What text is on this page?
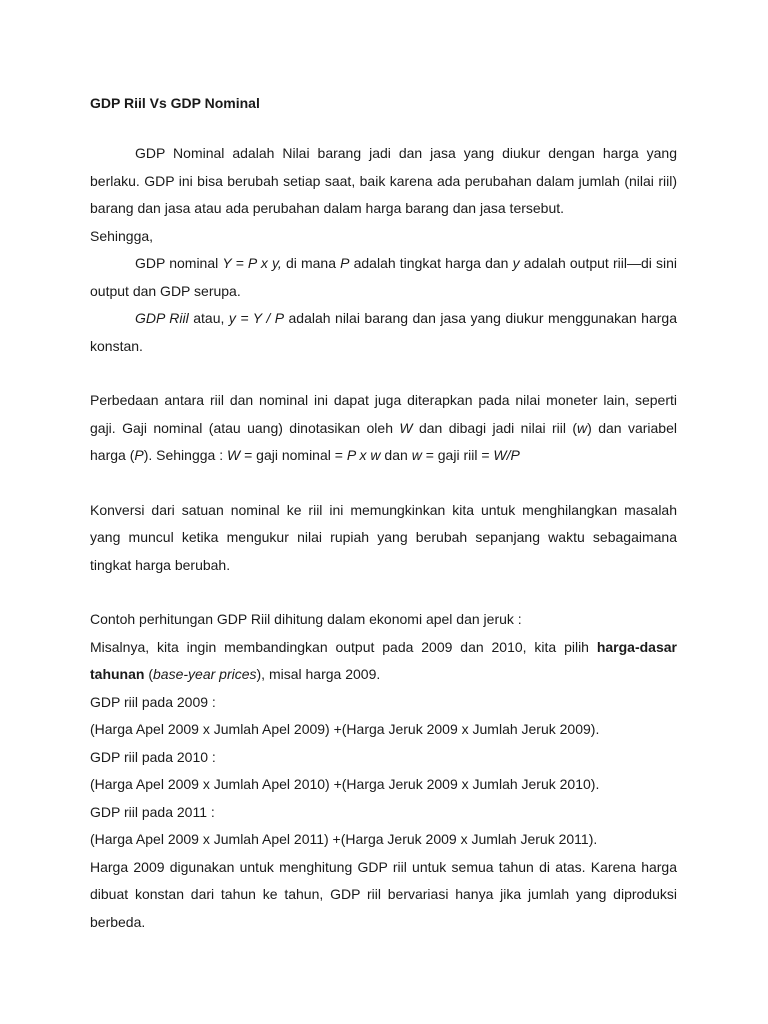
GDP Riil Vs GDP Nominal

GDP Nominal adalah Nilai barang jadi dan jasa yang diukur dengan harga yang berlaku. GDP ini bisa berubah setiap saat, baik karena ada perubahan dalam jumlah (nilai riil) barang dan jasa atau ada perubahan dalam harga barang dan jasa tersebut.

Sehingga,

GDP nominal Y = P x y, di mana P adalah tingkat harga dan y adalah output riil—di sini output dan GDP serupa.

GDP Riil atau, y = Y / P adalah nilai barang dan jasa yang diukur menggunakan harga konstan.

Perbedaan antara riil dan nominal ini dapat juga diterapkan pada nilai moneter lain, seperti gaji. Gaji nominal (atau uang) dinotasikan oleh W dan dibagi jadi nilai riil (w) dan variabel harga (P). Sehingga : W = gaji nominal = P x w dan w = gaji riil = W/P

Konversi dari satuan nominal ke riil ini memungkinkan kita untuk menghilangkan masalah yang muncul ketika mengukur nilai rupiah yang berubah sepanjang waktu sebagaimana tingkat harga berubah.

Contoh perhitungan GDP Riil dihitung dalam ekonomi apel dan jeruk :

Misalnya, kita ingin membandingkan output pada 2009 dan 2010, kita pilih harga-dasar tahunan (base-year prices), misal harga 2009.

GDP riil pada 2009 :

(Harga Apel 2009 x Jumlah Apel 2009) +(Harga Jeruk 2009 x Jumlah Jeruk 2009).

GDP riil pada 2010 :

(Harga Apel 2009 x Jumlah Apel 2010) +(Harga Jeruk 2009 x Jumlah Jeruk 2010).

GDP riil pada 2011 :

(Harga Apel 2009 x Jumlah Apel 2011) +(Harga Jeruk 2009 x Jumlah Jeruk 2011).

Harga 2009 digunakan untuk menghitung GDP riil untuk semua tahun di atas. Karena harga dibuat konstan dari tahun ke tahun, GDP riil bervariasi hanya jika jumlah yang diproduksi berbeda.
